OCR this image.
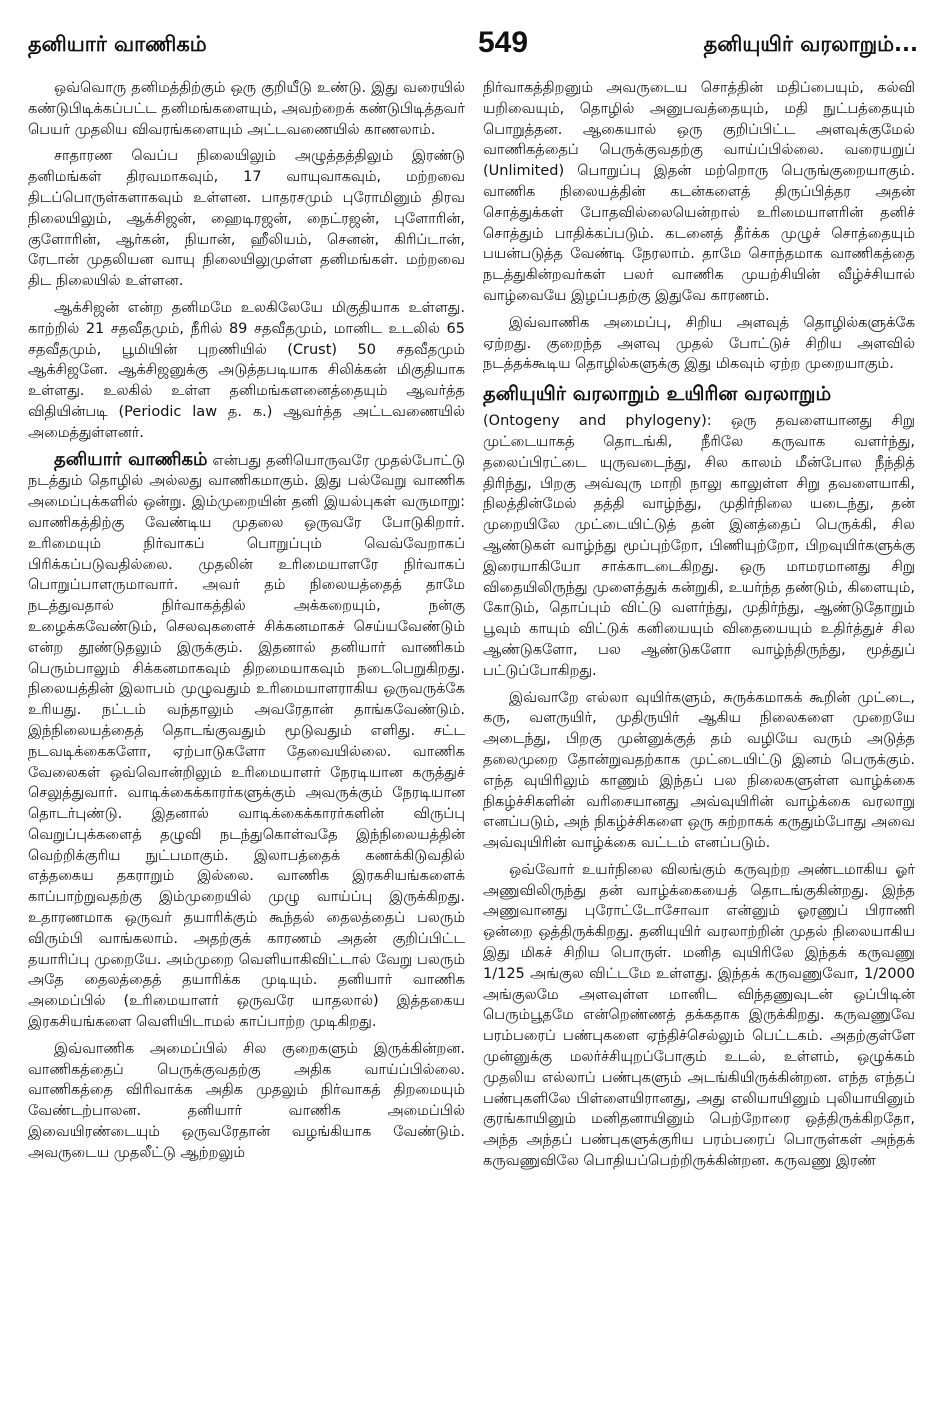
தனியார் வாணிகம்	549	தனியுயிர் வரலாறும்...

ஒவ்வொரு தனிமத்திற்கும் ஒரு குறியீடு உண்டு. இது வரையில் கண்டுபிடிக்கப்பட்ட தனிமங்களையும், அவற்றைக் கண்டுபிடித்தவர் பெயர் முதலிய விவரங்களையும் அட்டவணையில் காணலாம்.

சாதாரண வெப்ப நிலையிலும் அழுத்தத்திலும் இரண்டு தனிமங்கள் திரவமாகவும், 17 வாயுவாகவும், மற்றவை திடப்பொருள்களாகவும் உள்ளன. பாதரசமும் புரோமினும் திரவ நிலையிலும், ஆக்சிஜன், ஹைடிரஜன், நைட்ரஜன், புளோரின், குளோரின், ஆர்கன், நியான், ஹீலியம், செனன், கிரிப்டான், ரேடான் முதலியன வாயு நிலையிலுமுள்ள தனிமங்கள். மற்றவை திட நிலையில் உள்ளன.

ஆக்சிஜன் என்ற தனிமமே உலகிலேயே மிகுதியாக உள்ளது. காற்றில் 21 சதவீதமும், நீரில் 89 சதவீதமும், மானிட உடலில் 65 சதவீதமும், பூமியின் புறணியில் (Crust) 50 சதவீதமும் ஆக்சிஜனே. ஆக்சிஜனுக்கு அடுத்தபடியாக சிலிக்கன் மிகுதியாக உள்ளது. உலகில் உள்ள தனிமங்களனைத்தையும் ஆவர்த்த விதியின்படி (Periodic law த. க.) ஆவர்த்த அட்டவணையில் அமைத்துள்ளனர்.

தனியார் வாணிகம் என்பது தனியொருவரே முதல்போட்டு நடத்தும் தொழில் அல்லது வாணிகமாகும். இது பல்வேறு வாணிக அமைப்புக்களில் ஒன்று. இம்முறையின் தனி இயல்புகள் வருமாறு: வாணிகத்திற்கு வேண்டிய முதலை ஒருவரே போடுகிறார். உரிமையும் நிர்வாகப் பொறுப்பும் வெவ்வேறாகப் பிரிக்கப்படுவதில்லை. முதலின் உரிமையாளரே நிர்வாகப் பொறுப்பாளருமாவார். அவர் தம் நிலையத்தைத் தாமே நடத்துவதால் நிர்வாகத்தில் அக்கறையும், நன்கு உழைக்கவேண்டும், செலவுகளைச் சிக்கனமாகச் செய்யவேண்டும் என்ற தூண்டுதலும் இருக்கும். இதனால் தனியார் வாணிகம் பெரும்பாலும் சிக்கனமாகவும் திறமையாகவும் நடைபெறுகிறது. நிலையத்தின் இலாபம் முழுவதும் உரிமையாளராகிய ஒருவருக்கே உரியது. நட்டம் வந்தாலும் அவரேதான் தாங்கவேண்டும். இந்நிலையத்தைத் தொடங்குவதும் மூடுவதும் எளிது. சட்ட நடவடிக்கைகளோ, ஏற்பாடுகளோ தேவையில்லை. வாணிக வேலைகள் ஒவ்வொன்றிலும் உரிமையாளர் நேரடியான கருத்துச் செலுத்துவார். வாடிக்கைக்காரர்களுக்கும் அவருக்கும் நேரடியான தொடர்புண்டு. இதனால் வாடிக்கைக்காரர்களின் விருப்பு வெறுப்புக்களைத் தழுவி நடந்துகொள்வதே இந்நிலையத்தின் வெற்றிக்குரிய நுட்பமாகும். இலாபத்தைக் கணக்கிடுவதில் எத்தகைய தகராறும் இல்லை. வாணிக இரகசியங்களைக் காப்பாற்றுவதற்கு இம்முறையில் முழு வாய்ப்பு இருக்கிறது. உதாரணமாக ஒருவர் தயாரிக்கும் கூந்தல் தைலத்தைப் பலரும் விரும்பி வாங்கலாம். அதற்குக் காரணம் அதன் குறிப்பிட்ட தயாரிப்பு முறையே. அம்முறை வெளியாகிவிட்டால் வேறு பலரும் அதே தைலத்தைத் தயாரிக்க முடியும். தனியார் வாணிக அமைப்பில் (உரிமையாளர் ஒருவரே யாதலால்) இத்தகைய இரகசியங்களை வெளியிடாமல் காப்பாற்ற முடிகிறது.

இவ்வாணிக அமைப்பில் சில குறைகளும் இருக்கின்றன. வாணிகத்தைப் பெருக்குவதற்கு அதிக வாய்ப்பில்லை. வாணிகத்தை விரிவாக்க அதிக முதலும் நிர்வாகத் திறமையும் வேண்டற்பாலன. தனியார் வாணிக அமைப்பில் இவையிரண்டையும் ஒருவரேதான் வழங்கியாக வேண்டும். அவருடைய முதலீட்டு ஆற்றலும்

நிர்வாகத்திறனும் அவருடைய சொத்தின் மதிப்பையும், கல்வி யறிவையும், தொழில் அனுபவத்தையும், மதி நுட்பத்தையும் பொறுத்தன. ஆகையால் ஒரு குறிப்பிட்ட அளவுக்குமேல் வாணிகத்தைப் பெருக்குவதற்கு வாய்ப்பில்லை. வரையறுப் (Unlimited) பொறுப்பு இதன் மற்றொரு பெருங்குறையாகும். வாணிக நிலையத்தின் கடன்களைத் திருப்பித்தர அதன் சொத்துக்கள் போதவில்லையென்றால் உரிமையாளரின் தனிச் சொத்தும் பாதிக்கப்படும். கடனைத் தீர்க்க முழுச் சொத்தையும் பயன்படுத்த வேண்டி நேரலாம். தாமே சொந்தமாக வாணிகத்தை நடத்துகின்றவர்கள் பலர் வாணிக முயற்சியின் வீழ்ச்சியால் வாழ்வையே இழப்பதற்கு இதுவே காரணம்.

இவ்வாணிக அமைப்பு, சிறிய அளவுத் தொழில்களுக்கே ஏற்றது. குறைந்த அளவு முதல் போட்டுச் சிறிய அளவில் நடத்தக்கூடிய தொழில்களுக்கு இது மிகவும் ஏற்ற முறையாகும்.

தனியுயிர் வரலாறும் உயிரின வரலாறும்

(Ontogeny and phylogeny): ஒரு தவளையானது சிறு முட்டையாகத் தொடங்கி, நீரிலே கருவாக வளர்ந்து, தலைப்பிரட்டை யுருவடைந்து, சில காலம் மீன்போல நீந்தித் திரிந்து, பிறகு அவ்வுரு மாறி நாலு காலுள்ள சிறு தவளையாகி, நிலத்தின்மேல் தத்தி வாழ்ந்து, முதிர்நிலை யடைந்து, தன் முறையிலே முட்டையிட்டுத் தன் இனத்தைப் பெருக்கி, சில ஆண்டுகள் வாழ்ந்து மூப்புற்றோ, பிணியுற்றோ, பிறவுயிர்களுக்கு இரையாகியோ சாக்காடடைகிறது. ஒரு மாமரமானது சிறு விதையிலிருந்து முளைத்துக் கன்றுகி, உயர்ந்த தண்டும், கிளையும், கோடும், தொப்பும் விட்டு வளர்ந்து, முதிர்ந்து, ஆண்டுதோறும் பூவும் காயும் விட்டுக் கனியையும் விதையையும் உதிர்த்துச் சில ஆண்டுகளோ, பல ஆண்டுகளோ வாழ்ந்திருந்து, மூத்துப் பட்டுப்போகிறது.

இவ்வாறே எல்லா வுயிர்களும், சுருக்கமாகக் கூறின் முட்டை, கரு, வளருயிர், முதிருயிர் ஆகிய நிலைகளை முறையே அடைந்து, பிறகு முன்னுக்குத் தம் வழியே வரும் அடுத்த தலைமுறை தோன்றுவதற்காக முட்டையிட்டு இனம் பெருக்கும். எந்த வுயிரிலும் காணும் இந்தப் பல நிலைகளுள்ள வாழ்க்கை நிகழ்ச்சிகளின் வரிசையானது அவ்வுயிரின் வாழ்க்கை வரலாறு எனப்படும், அந் நிகழ்ச்சிகளை ஒரு சுற்றாகக் கருதும்போது அவை அவ்வுயிரின் வாழ்க்கை வட்டம் எனப்படும்.

ஒவ்வோர் உயர்நிலை விலங்கும் கருவுற்ற அண்டமாகிய ஓர் அணுவிலிருந்து தன் வாழ்க்கையைத் தொடங்குகின்றது. இந்த அணுவானது புரோட்டோசோவா என்னும் ஓரணுப் பிராணி ஒன்றை ஒத்திருக்கிறது. தனியுயிர் வரலாற்றின் முதல் நிலையாகிய இது மிகச் சிறிய பொருள். மனித வுயிரிலே இந்தக் கருவணு 1/125 அங்குல விட்டமே உள்ளது. இந்தக் கருவணுவோ, 1/2000 அங்குலமே அளவுள்ள மானிட விந்தணுவுடன் ஒப்பிடின் பெரும்பூதமே என்றெண்ணத் தக்கதாக இருக்கிறது. கருவணுவே பரம்பரைப் பண்புகளை ஏந்திச்செல்லும் பெட்டகம். அதற்குள்ளே முன்னுக்கு மலர்ச்சியுறப்போகும் உடல், உள்ளம், ஒழுக்கம் முதலிய எல்லாப் பண்புகளும் அடங்கியிருக்கின்றன. எந்த எந்தப் பண்புகளிலே பிள்ளையிரானது, அது எலியாயினும் புலியாயினும் குரங்காயினும் மனிதனாயினும் பெற்றோரை ஒத்திருக்கிறதோ, அந்த அந்தப் பண்புகளுக்குரிய பரம்பரைப் பொருள்கள் அந்தக் கருவணுவிலே பொதியப்பெற்றிருக்கின்றன. கருவணு இரண்
